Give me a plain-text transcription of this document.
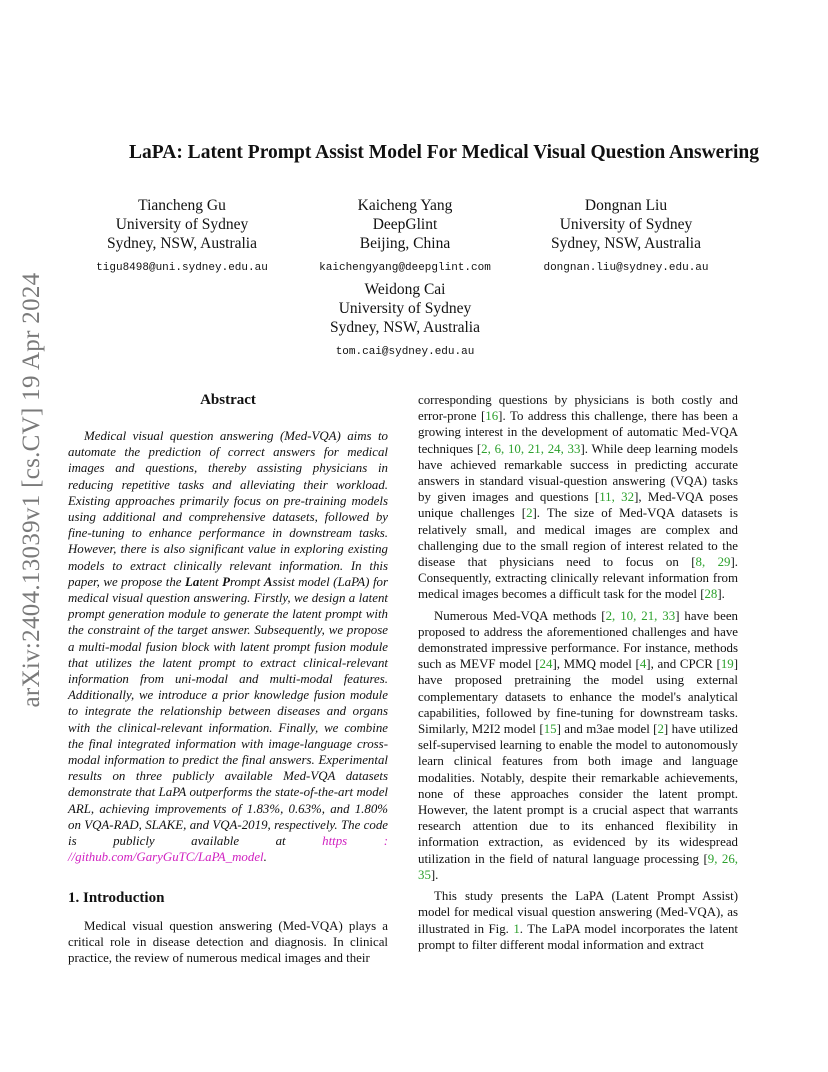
arXiv:2404.13039v1 [cs.CV] 19 Apr 2024
LaPA: Latent Prompt Assist Model For Medical Visual Question Answering
Tiancheng Gu
University of Sydney
Sydney, NSW, Australia
tigu8498@uni.sydney.edu.au
Kaicheng Yang
DeepGlint
Beijing, China
kaichengyang@deepglint.com
Dongnan Liu
University of Sydney
Sydney, NSW, Australia
dongnan.liu@sydney.edu.au
Weidong Cai
University of Sydney
Sydney, NSW, Australia
tom.cai@sydney.edu.au
Abstract

Medical visual question answering (Med-VQA) aims to automate the prediction of correct answers for medical images and questions, thereby assisting physicians in reducing repetitive tasks and alleviating their workload. Existing approaches primarily focus on pre-training models using additional and comprehensive datasets, followed by fine-tuning to enhance performance in downstream tasks. However, there is also significant value in exploring existing models to extract clinically relevant information. In this paper, we propose the Latent Prompt Assist model (LaPA) for medical visual question answering. Firstly, we design a latent prompt generation module to generate the latent prompt with the constraint of the target answer. Subsequently, we propose a multi-modal fusion block with latent prompt fusion module that utilizes the latent prompt to extract clinical-relevant information from uni-modal and multi-modal features. Additionally, we introduce a prior knowledge fusion module to integrate the relationship between diseases and organs with the clinical-relevant information. Finally, we combine the final integrated information with image-language cross-modal information to predict the final answers. Experimental results on three publicly available Med-VQA datasets demonstrate that LaPA outperforms the state-of-the-art model ARL, achieving improvements of 1.83%, 0.63%, and 1.80% on VQA-RAD, SLAKE, and VQA-2019, respectively. The code is publicly available at https : //github.com/GaryGuTC/LaPA_model.

1. Introduction

Medical visual question answering (Med-VQA) plays a critical role in disease detection and diagnosis. In clinical practice, the review of numerous medical images and their

corresponding questions by physicians is both costly and error-prone [16]. To address this challenge, there has been a growing interest in the development of automatic Med-VQA techniques [2, 6, 10, 21, 24, 33]. While deep learning models have achieved remarkable success in predicting accurate answers in standard visual-question answering (VQA) tasks by given images and questions [11, 32], Med-VQA poses unique challenges [2]. The size of Med-VQA datasets is relatively small, and medical images are complex and challenging due to the small region of interest related to the disease that physicians need to focus on [8, 29]. Consequently, extracting clinically relevant information from medical images becomes a difficult task for the model [28].

Numerous Med-VQA methods [2, 10, 21, 33] have been proposed to address the aforementioned challenges and have demonstrated impressive performance. For instance, methods such as MEVF model [24], MMQ model [4], and CPCR [19] have proposed pretraining the model using external complementary datasets to enhance the model's analytical capabilities, followed by fine-tuning for downstream tasks. Similarly, M2I2 model [15] and m3ae model [2] have utilized self-supervised learning to enable the model to autonomously learn clinical features from both image and language modalities. Notably, despite their remarkable achievements, none of these approaches consider the latent prompt. However, the latent prompt is a crucial aspect that warrants research attention due to its enhanced flexibility in information extraction, as evidenced by its widespread utilization in the field of natural language processing [9, 26, 35].

This study presents the LaPA (Latent Prompt Assist) model for medical visual question answering (Med-VQA), as illustrated in Fig. 1. The LaPA model incorporates the latent prompt to filter different modal information and extract
